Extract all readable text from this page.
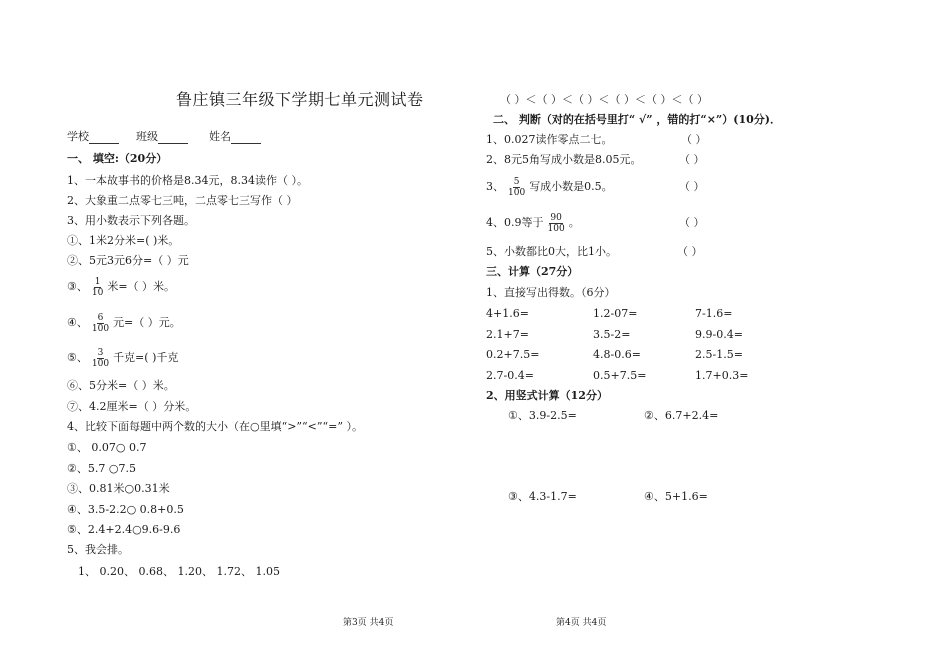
鲁庄镇三年级下学期七单元测试卷
学校	班级	姓名
一、 填空:（20分）
1、一本故事书的价格是8.34元，8.34读作（ ）。
2、大象重二点零七三吨，二点零七三写作（ ）
3、用小数表示下列各题。
①、1米2分米=( )米。
②、5元3元6分=（ ）元
③、 $\frac{1}{10}$ 米=（ ）米。
④、 $\frac{6}{100}$ 元=（ ）元。
⑤、 $\frac{3}{100}$ 千克=( )千克
⑥、5分米=（ ）米。
⑦、4.2厘米=（ ）分米。
4、比较下面每题中两个数的大小（在○里填“>”“<”“=” ）。
①、 0.07○ 0.7
②、5.7 ○7.5
③、0.81米○0.31米
④、3.5-2.2○ 0.8+0.5
⑤、2.4+2.4○9.6-9.6
5、我会排。
1、 0.20、 0.68、 1.20、 1.72、 1.05
第3页 共4页
（ ）＜（ ）＜（ ）＜（ ）＜（ ）＜（ ）
二、 判断（对的在括号里打“ √” ，错的打“×”）(10分)．
1、0.027读作零点二七。	（ ）
2、8元5角写成小数是8.05元。	（ ）
3、 $\frac{5}{100}$ 写成小数是0.5。	（ ）
4、0.9等于 $\frac{90}{100}$ 。	（ ）
5、小数都比0大，比1小。	（ ）
三、计算（27分）
1、直接写出得数。（6分）
4+1.6=	1.2-07=	7-1.6=
2.1+7=	3.5-2=	9.9-0.4=
0.2+7.5=	4.8-0.6=	2.5-1.5=
2.7-0.4=	0.5+7.5=	1.7+0.3=
2、用竖式计算（12分）
①、3.9-2.5=	②、6.7+2.4=
③、4.3-1.7=	④、5+1.6=
第4页 共4页
